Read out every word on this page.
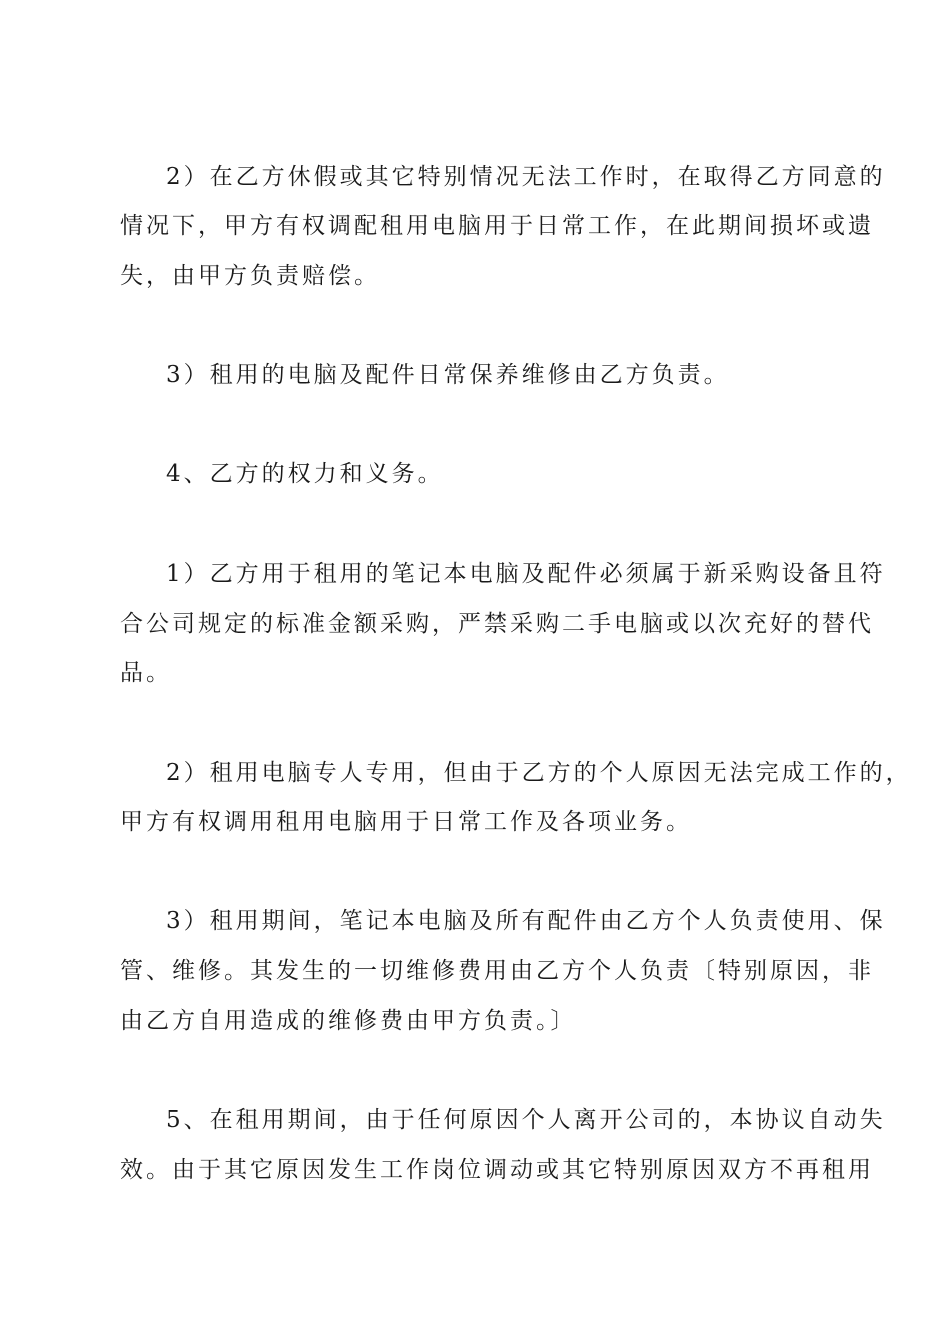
2）在乙方休假或其它特别情况无法工作时，在取得乙方同意的
情况下，甲方有权调配租用电脑用于日常工作，在此期间损坏或遗
失，由甲方负责赔偿。
3）租用的电脑及配件日常保养维修由乙方负责。
4、乙方的权力和义务。
1）乙方用于租用的笔记本电脑及配件必须属于新采购设备且符
合公司规定的标准金额采购，严禁采购二手电脑或以次充好的替代
品。
2）租用电脑专人专用，但由于乙方的个人原因无法完成工作的，
甲方有权调用租用电脑用于日常工作及各项业务。
3）租用期间，笔记本电脑及所有配件由乙方个人负责使用、保
管、维修。其发生的一切维修费用由乙方个人负责〔特别原因，非
由乙方自用造成的维修费由甲方负责。〕
5、在租用期间，由于任何原因个人离开公司的，本协议自动失
效。由于其它原因发生工作岗位调动或其它特别原因双方不再租用
